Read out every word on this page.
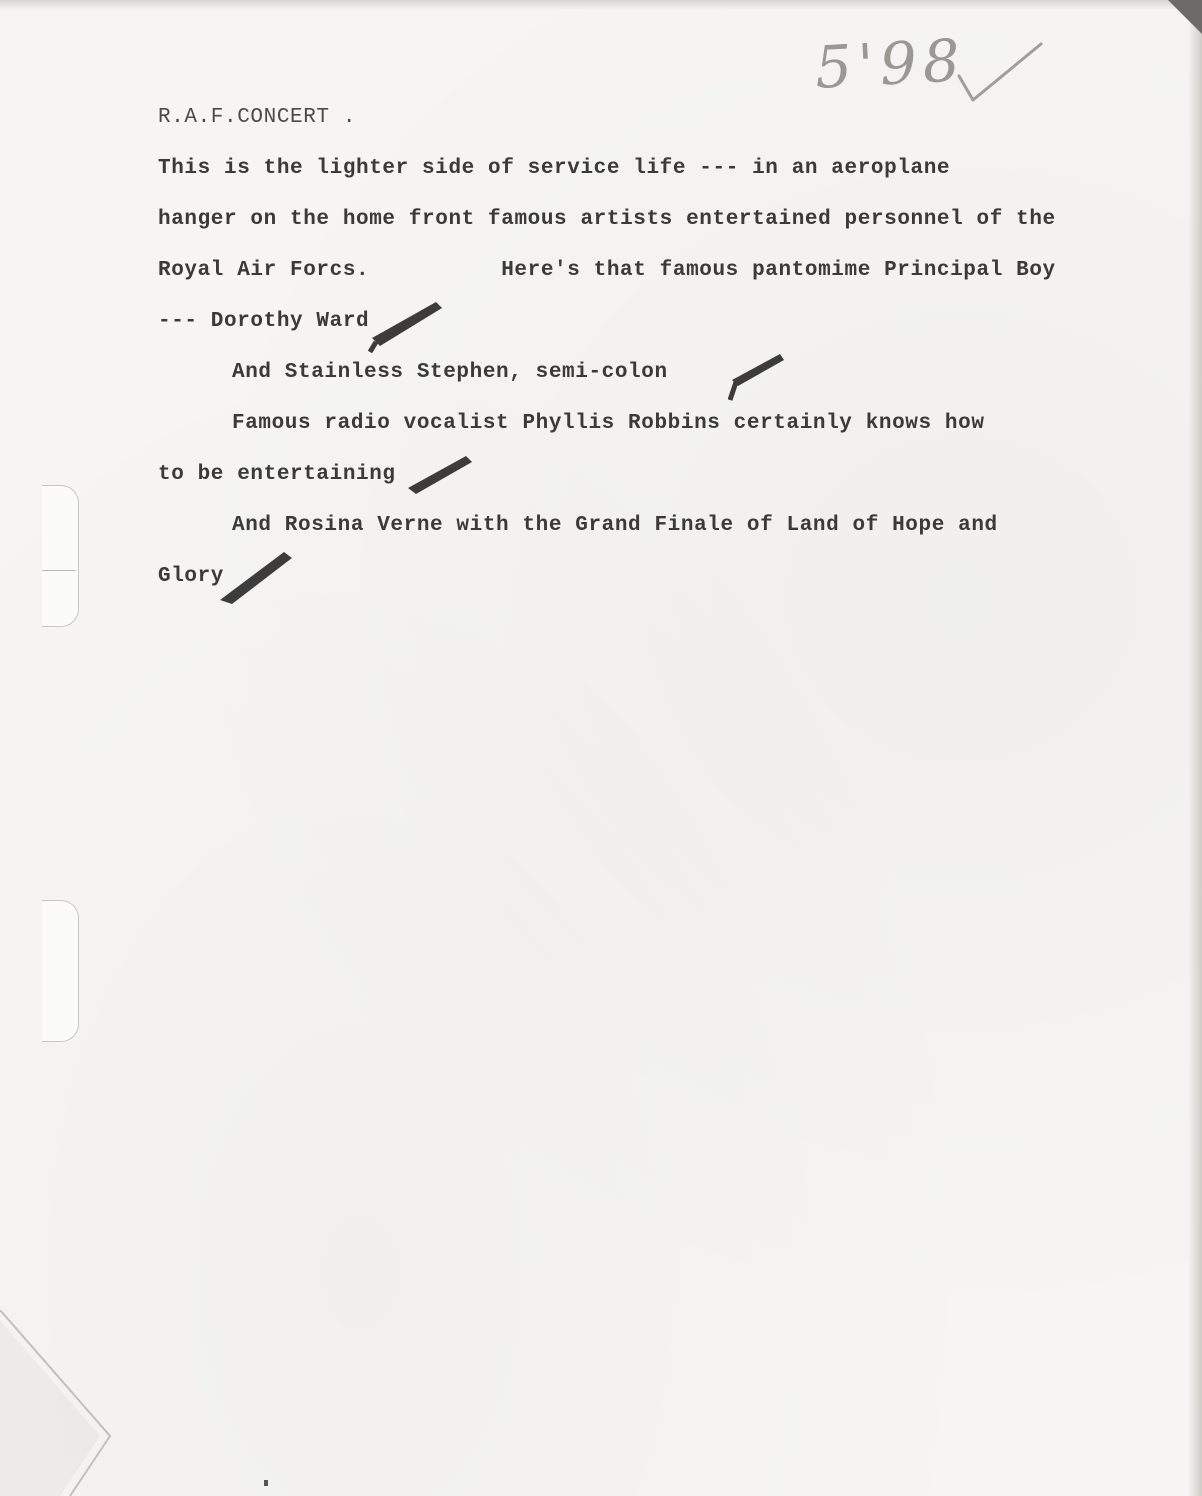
5'98
R.A.F.CONCERT .
This is the lighter side of service life --- in an aeroplane
hanger on the home front famous artists entertained personnel of the
Royal Air Forcs.	Here's that famous pantomime Principal Boy
--- Dorothy Ward
And Stainless Stephen, semi-colon
Famous radio vocalist Phyllis Robbins certainly knows how
to be entertaining
And Rosina Verne with the Grand Finale of Land of Hope and
Glory
